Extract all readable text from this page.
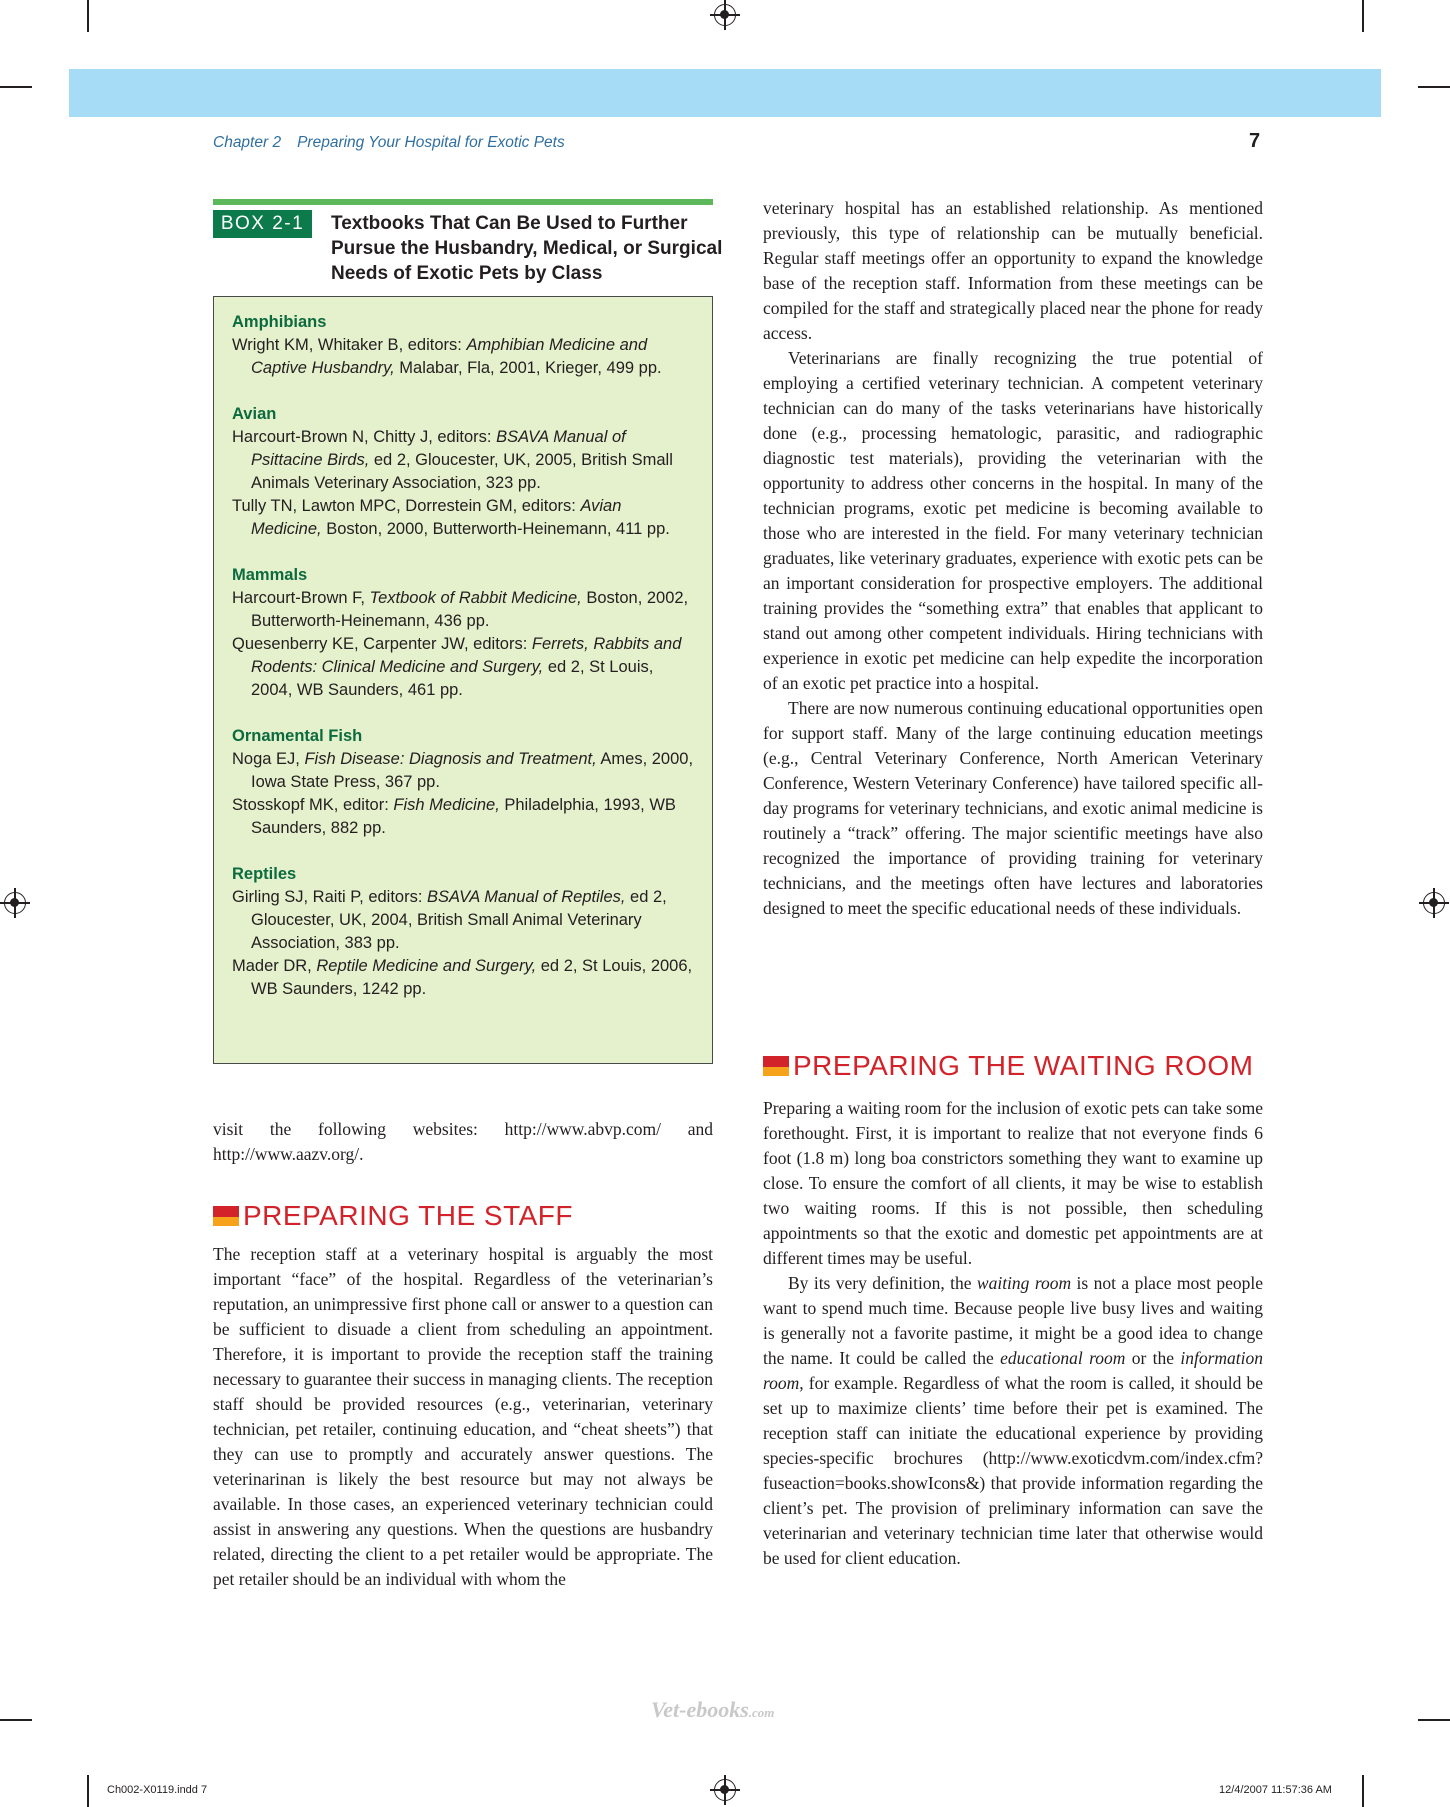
Chapter 2 Preparing Your Hospital for Exotic Pets	7
BOX 2-1	Textbooks That Can Be Used to Further Pursue the Husbandry, Medical, or Surgical Needs of Exotic Pets by Class

Amphibians

Wright KM, Whitaker B, editors: Amphibian Medicine and Captive Husbandry, Malabar, Fla, 2001, Krieger, 499 pp.

Avian

Harcourt-Brown N, Chitty J, editors: BSAVA Manual of Psittacine Birds, ed 2, Gloucester, UK, 2005, British Small Animals Veterinary Association, 323 pp.

Tully TN, Lawton MPC, Dorrestein GM, editors: Avian Medicine, Boston, 2000, Butterworth-Heinemann, 411 pp.

Mammals

Harcourt-Brown F, Textbook of Rabbit Medicine, Boston, 2002, Butterworth-Heinemann, 436 pp.

Quesenberry KE, Carpenter JW, editors: Ferrets, Rabbits and Rodents: Clinical Medicine and Surgery, ed 2, St Louis, 2004, WB Saunders, 461 pp.

Ornamental Fish

Noga EJ, Fish Disease: Diagnosis and Treatment, Ames, 2000, Iowa State Press, 367 pp.

Stosskopf MK, editor: Fish Medicine, Philadelphia, 1993, WB Saunders, 882 pp.

Reptiles

Girling SJ, Raiti P, editors: BSAVA Manual of Reptiles, ed 2, Gloucester, UK, 2004, British Small Animal Veterinary Association, 383 pp.

Mader DR, Reptile Medicine and Surgery, ed 2, St Louis, 2006, WB Saunders, 1242 pp.

visit the following websites: http://www.abvp.com/ and http://www.aazv.org/.

PREPARING THE STAFF

The reception staff at a veterinary hospital is arguably the most important “face” of the hospital. Regardless of the veterinarian’s reputation, an unimpressive first phone call or answer to a question can be sufficient to disuade a client from scheduling an appointment. Therefore, it is important to provide the reception staff the training necessary to guarantee their success in managing clients. The reception staff should be provided resources (e.g., veterinarian, veterinary technician, pet retailer, continuing education, and “cheat sheets”) that they can use to promptly and accurately answer questions. The veterinarinan is likely the best resource but may not always be available. In those cases, an experienced veterinary technician could assist in answering any questions. When the questions are husbandry related, directing the client to a pet retailer would be appropriate. The pet retailer should be an individual with whom the

veterinary hospital has an established relationship. As mentioned previously, this type of relationship can be mutually beneficial. Regular staff meetings offer an opportunity to expand the knowledge base of the reception staff. Information from these meetings can be compiled for the staff and strategically placed near the phone for ready access.

Veterinarians are finally recognizing the true potential of employing a certified veterinary technician. A competent veterinary technician can do many of the tasks veterinarians have historically done (e.g., processing hematologic, parasitic, and radiographic diagnostic test materials), providing the veterinarian with the opportunity to address other concerns in the hospital. In many of the technician programs, exotic pet medicine is becoming available to those who are interested in the field. For many veterinary technician graduates, like veterinary graduates, experience with exotic pets can be an important consideration for prospective employers. The additional training provides the “something extra” that enables that applicant to stand out among other competent individuals. Hiring technicians with experience in exotic pet medicine can help expedite the incorporation of an exotic pet practice into a hospital.

There are now numerous continuing educational opportunities open for support staff. Many of the large continuing education meetings (e.g., Central Veterinary Conference, North American Veterinary Conference, Western Veterinary Conference) have tailored specific all-day programs for veterinary technicians, and exotic animal medicine is routinely a “track” offering. The major scientific meetings have also recognized the importance of providing training for veterinary technicians, and the meetings often have lectures and laboratories designed to meet the specific educational needs of these individuals.

PREPARING THE WAITING ROOM

Preparing a waiting room for the inclusion of exotic pets can take some forethought. First, it is important to realize that not everyone finds 6 foot (1.8 m) long boa constrictors something they want to examine up close. To ensure the comfort of all clients, it may be wise to establish two waiting rooms. If this is not possible, then scheduling appointments so that the exotic and domestic pet appointments are at different times may be useful.

By its very definition, the waiting room is not a place most people want to spend much time. Because people live busy lives and waiting is generally not a favorite pastime, it might be a good idea to change the name. It could be called the educational room or the information room, for example. Regardless of what the room is called, it should be set up to maximize clients’ time before their pet is examined. The reception staff can initiate the educational experience by providing species-specific brochures (http://www.exoticdvm.com/index.cfm?fuseaction=books.showIcons&) that provide information regarding the client’s pet. The provision of preliminary information can save the veterinarian and veterinary technician time later that otherwise would be used for client education.

Vet-ebooks.com
Ch002-X0119.indd 7	12/4/2007 11:57:36 AM
